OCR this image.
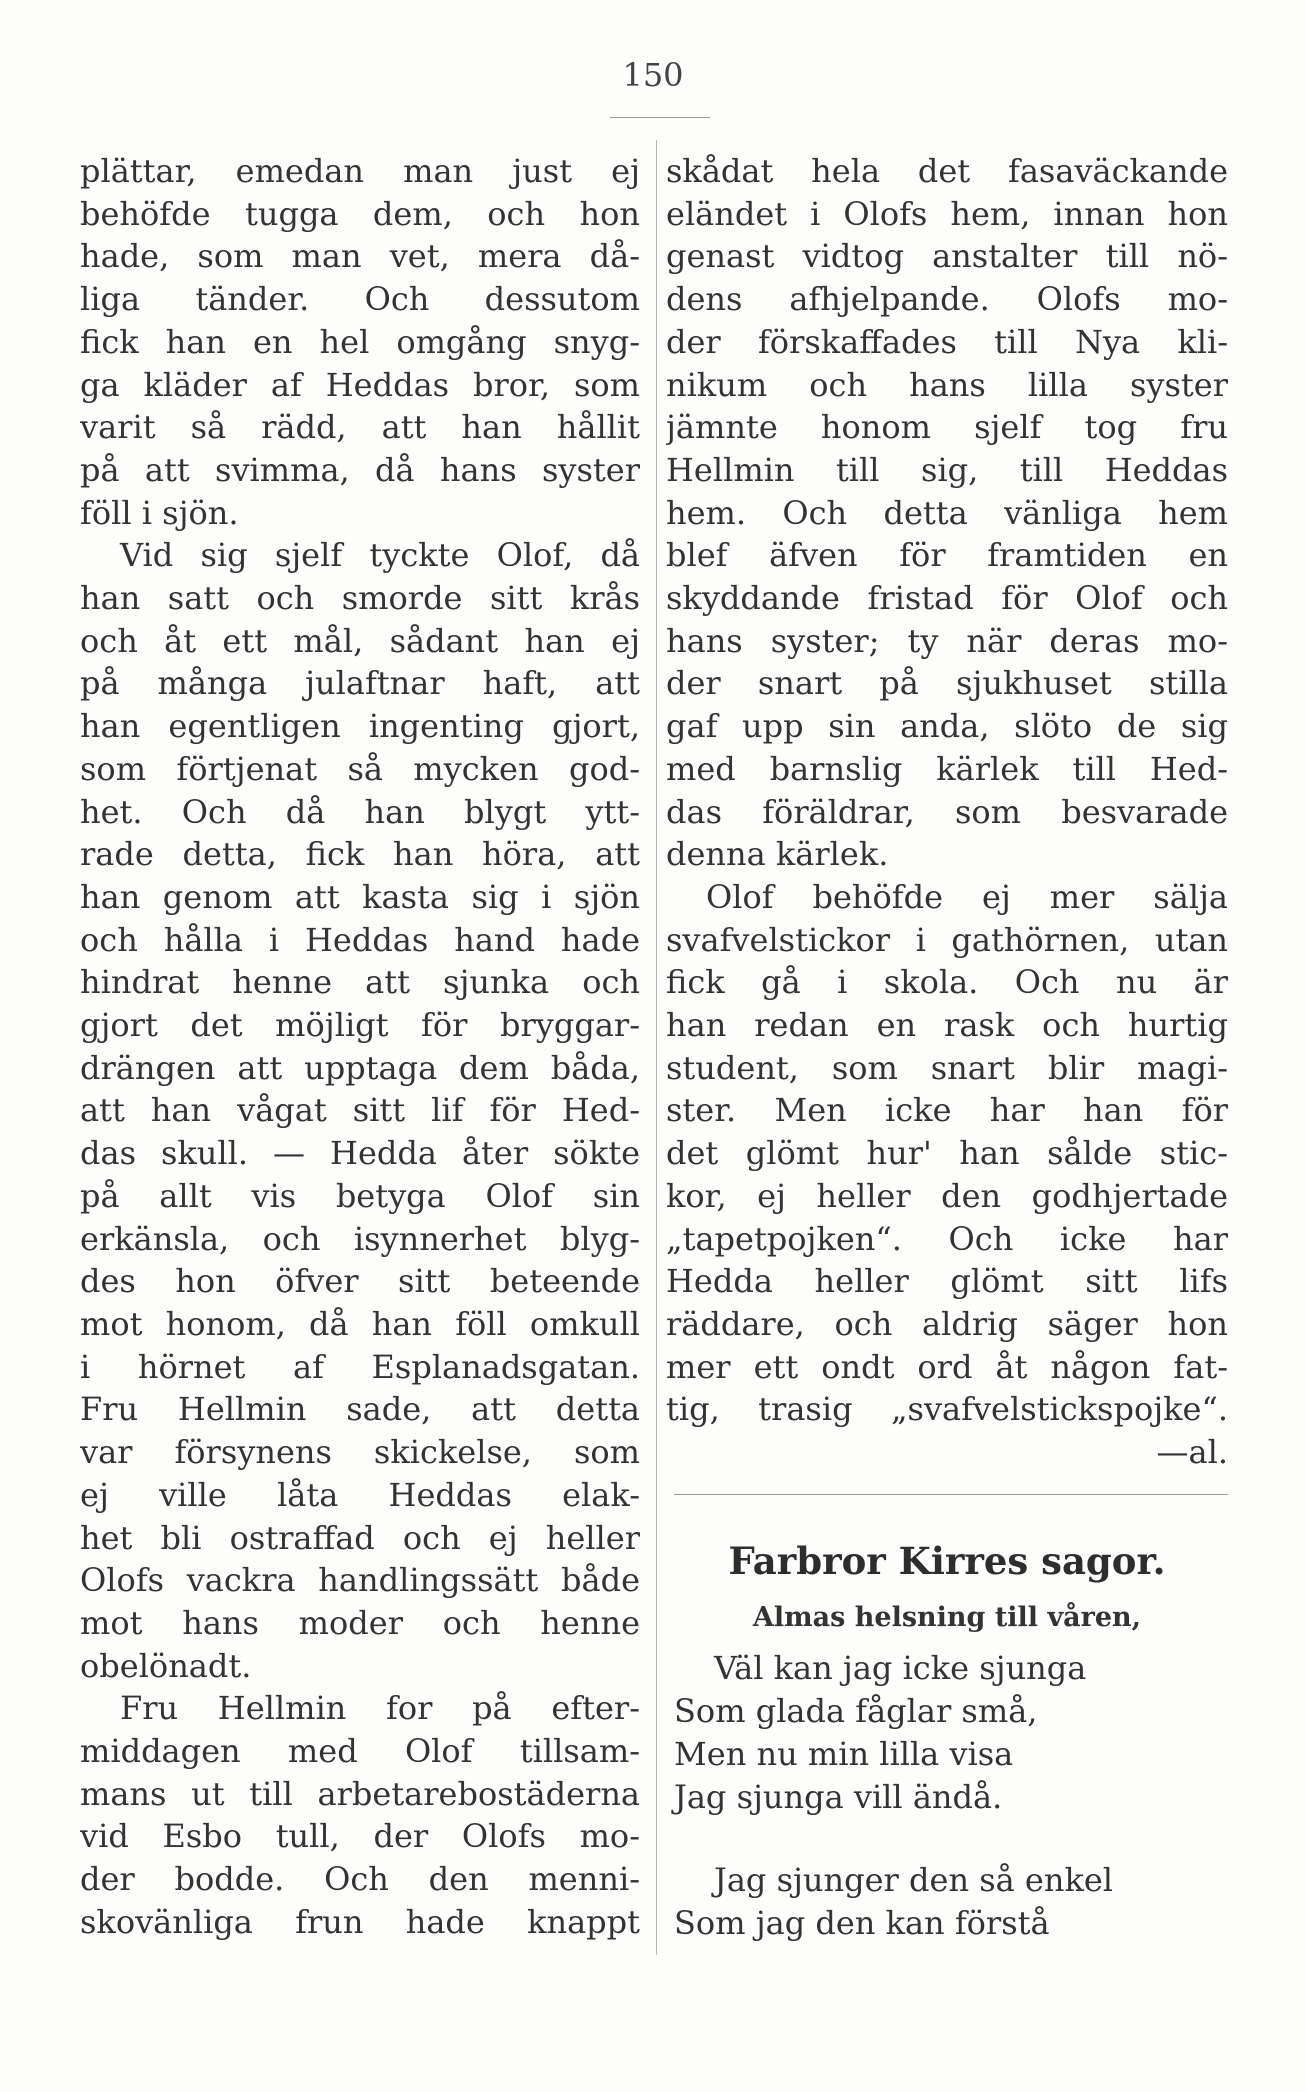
150
plättar, emedan man just ej
behöfde tugga dem, och hon
hade, som man vet, mera då-
liga tänder. Och dessutom
fick han en hel omgång snyg-
ga kläder af Heddas bror, som
varit så rädd, att han hållit
på att svimma, då hans syster
föll i sjön.
Vid sig sjelf tyckte Olof, då
han satt och smorde sitt krås
och åt ett mål, sådant han ej
på många julaftnar haft, att
han egentligen ingenting gjort,
som förtjenat så mycken god-
het. Och då han blygt ytt-
rade detta, fick han höra, att
han genom att kasta sig i sjön
och hålla i Heddas hand hade
hindrat henne att sjunka och
gjort det möjligt för bryggar-
drängen att upptaga dem båda,
att han vågat sitt lif för Hed-
das skull. — Hedda åter sökte
på allt vis betyga Olof sin
erkänsla, och isynnerhet blyg-
des hon öfver sitt beteende
mot honom, då han föll omkull
i hörnet af Esplanadsgatan.
Fru Hellmin sade, att detta
var försynens skickelse, som
ej ville låta Heddas elak-
het bli ostraffad och ej heller
Olofs vackra handlingssätt både
mot hans moder och henne
obelönadt.
Fru Hellmin for på efter-
middagen med Olof tillsam-
mans ut till arbetarebostäderna
vid Esbo tull, der Olofs mo-
der bodde. Och den menni-
skovänliga frun hade knappt
skådat hela det fasaväckande
eländet i Olofs hem, innan hon
genast vidtog anstalter till nö-
dens afhjelpande. Olofs mo-
der förskaffades till Nya kli-
nikum och hans lilla syster
jämnte honom sjelf tog fru
Hellmin till sig, till Heddas
hem. Och detta vänliga hem
blef äfven för framtiden en
skyddande fristad för Olof och
hans syster; ty när deras mo-
der snart på sjukhuset stilla
gaf upp sin anda, slöto de sig
med barnslig kärlek till Hed-
das föräldrar, som besvarade
denna kärlek.
Olof behöfde ej mer sälja
svafvelstickor i gathörnen, utan
fick gå i skola. Och nu är
han redan en rask och hurtig
student, som snart blir magi-
ster. Men icke har han för
det glömt hur' han sålde stic-
kor, ej heller den godhjertade
„tapetpojken“. Och icke har
Hedda heller glömt sitt lifs
räddare, och aldrig säger hon
mer ett ondt ord åt någon fat-
tig, trasig „svafvelstickspojke“.
—al.
Farbror Kirres sagor.
Almas helsning till våren,
Väl kan jag icke sjunga
Som glada fåglar små,
Men nu min lilla visa
Jag sjunga vill ändå.
Jag sjunger den så enkel
Som jag den kan förstå
